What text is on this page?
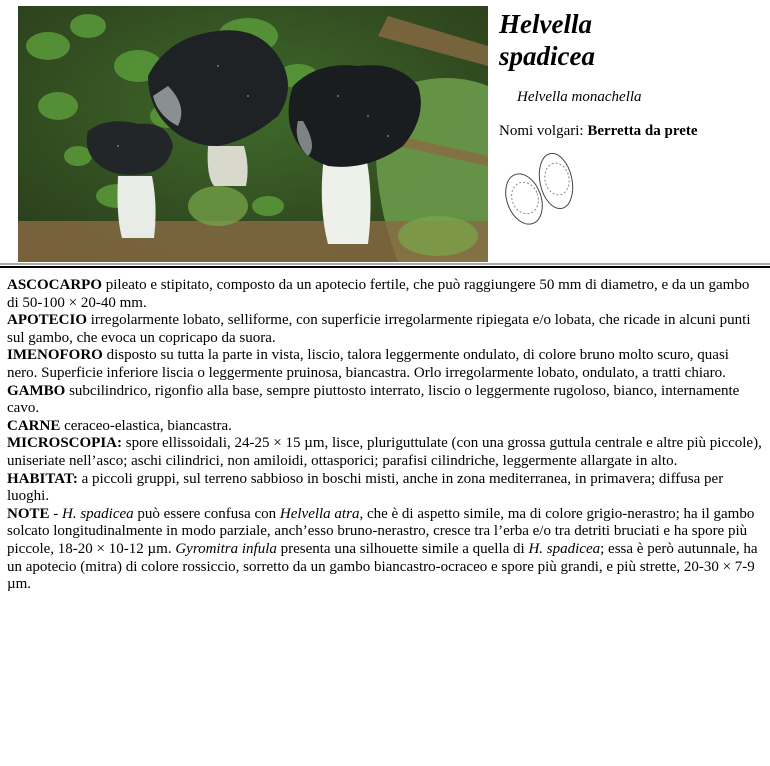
Helvella
spadicea
Helvella monachella
Nomi volgari: Berretta da prete

ASCOCARPO pileato e stipitato, composto da un apotecio fertile, che può raggiungere 50 mm di diametro, e da un gambo di 50-100 × 20-40 mm.

APOTECIO irregolarmente lobato, selliforme, con superficie irregolarmente ripiegata e/o lobata, che ricade in alcuni punti sul gambo, che evoca un copricapo da suora.

IMENOFORO disposto su tutta la parte in vista, liscio, talora leggermente ondulato, di colore bruno molto scuro, quasi nero. Superficie inferiore liscia o leggermente pruinosa, biancastra. Orlo irregolarmente lobato, ondulato, a tratti chiaro.

GAMBO subcilindrico, rigonfio alla base, sempre piuttosto interrato, liscio o leggermente rugoloso, bianco, internamente cavo.

CARNE ceraceo-elastica, biancastra.

MICROSCOPIA: spore ellissoidali, 24-25 × 15 µm, lisce, pluriguttulate (con una grossa guttula centrale e altre più piccole), uniseriate nell’asco; aschi cilindrici, non amiloidi, ottasporici; parafisi cilindriche, leggermente allargate in alto.

HABITAT: a piccoli gruppi, sul terreno sabbioso in boschi misti, anche in zona mediterranea, in primavera; diffusa per luoghi.

NOTE - H. spadicea può essere confusa con Helvella atra, che è di aspetto simile, ma di colore grigio-nerastro; ha il gambo solcato longitudinalmente in modo parziale, anch’esso bruno-nerastro, cresce tra l’erba e/o tra detriti bruciati e ha spore più piccole, 18-20 × 10-12 µm. Gyromitra infula presenta una silhouette simile a quella di H. spadicea; essa è però autunnale, ha un apotecio (mitra) di colore rossiccio, sorretto da un gambo biancastro-ocraceo e spore più grandi, e più strette, 20-30 × 7-9 µm.
